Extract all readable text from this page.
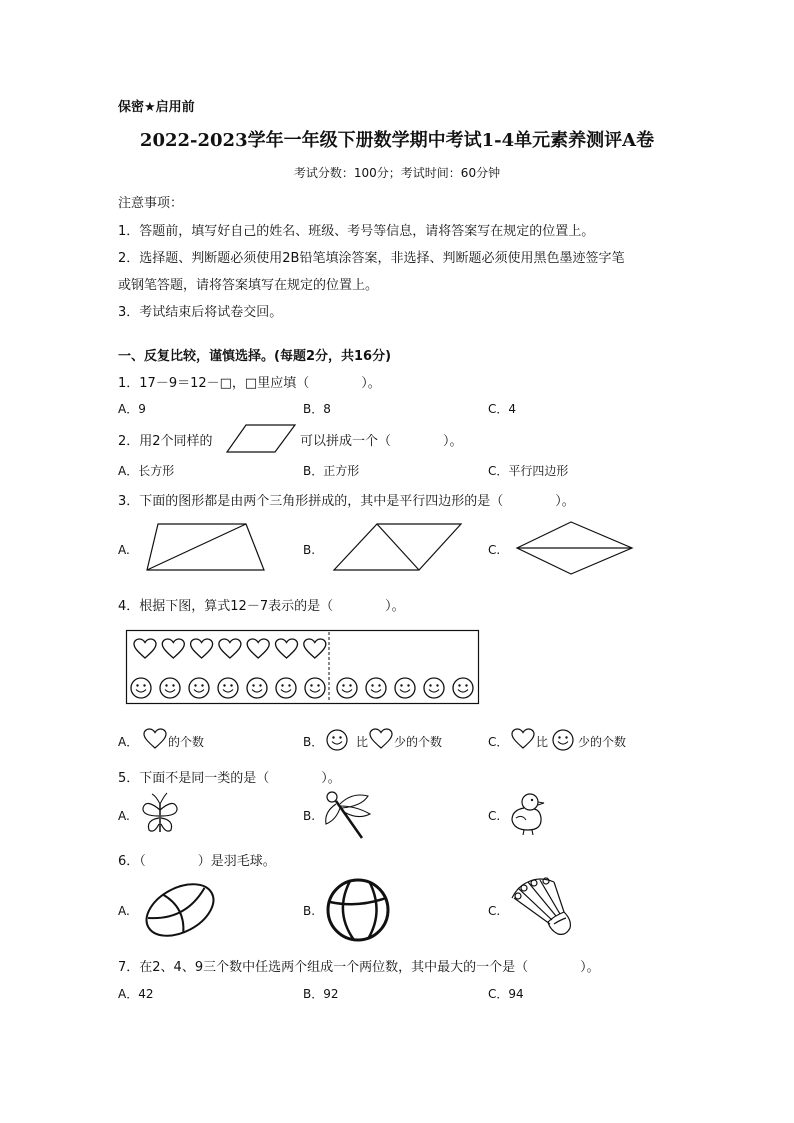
保密★启用前
2022-2023学年一年级下册数学期中考试1-4单元素养测评A卷
考试分数：100分；考试时间：60分钟
注意事项：
1．答题前，填写好自己的姓名、班级、考号等信息，请将答案写在规定的位置上。
2．选择题、判断题必须使用2B铅笔填涂答案，非选择、判断题必须使用黑色墨迹签字笔
或钢笔答题，请将答案填写在规定的位置上。
3．考试结束后将试卷交回。
一、反复比较，谨慎选择。(每题2分，共16分)
1．17－9＝12－□，□里应填（　　　　）。
A．9	B．8	C．4
2．用2个同样的	可以拼成一个（　　　　）。
A．长方形	B．正方形	C．平行四边形
3．下面的图形都是由两个三角形拼成的，其中是平行四边形的是（　　　　）。
A.	B.	C.
4．根据下图，算式12－7表示的是（　　　　）。
A． 的个数	B．	比 少的个数	C． 比 少的个数
5．下面不是同一类的是（　　　　）。
A.	B.	C.
6．（　　　　）是羽毛球。
A.	B.	C.
7．在2、4、9三个数中任选两个组成一个两位数，其中最大的一个是（　　　　）。
A．42	B．92	C．94
